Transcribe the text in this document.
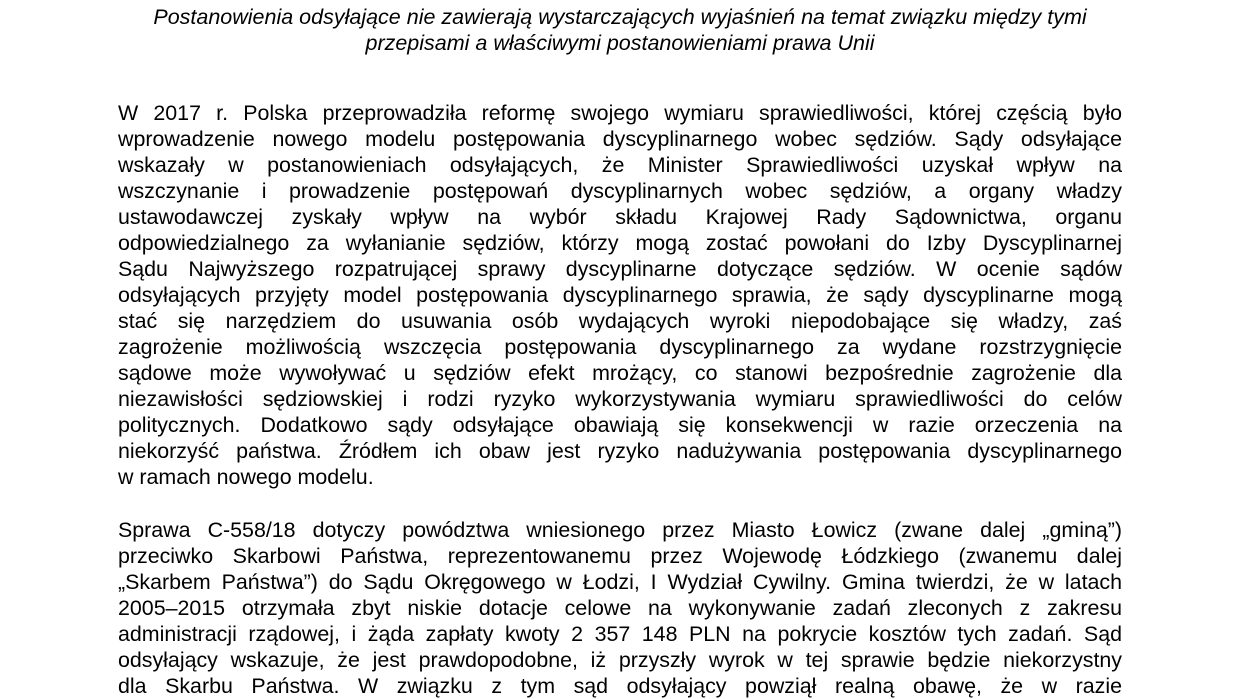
Postanowienia odsyłające nie zawierają wystarczających wyjaśnień na temat związku między tymi
przepisami a właściwymi postanowieniami prawa Unii
W 2017 r. Polska przeprowadziła reformę swojego wymiaru sprawiedliwości, której częścią było
wprowadzenie nowego modelu postępowania dyscyplinarnego wobec sędziów. Sądy odsyłające
wskazały w postanowieniach odsyłających, że Minister Sprawiedliwości uzyskał wpływ na
wszczynanie i prowadzenie postępowań dyscyplinarnych wobec sędziów, a organy władzy
ustawodawczej zyskały wpływ na wybór składu Krajowej Rady Sądownictwa, organu
odpowiedzialnego za wyłanianie sędziów, którzy mogą zostać powołani do Izby Dyscyplinarnej
Sądu Najwyższego rozpatrującej sprawy dyscyplinarne dotyczące sędziów. W ocenie sądów
odsyłających przyjęty model postępowania dyscyplinarnego sprawia, że sądy dyscyplinarne mogą
stać się narzędziem do usuwania osób wydających wyroki niepodobające się władzy, zaś
zagrożenie możliwością wszczęcia postępowania dyscyplinarnego za wydane rozstrzygnięcie
sądowe może wywoływać u sędziów efekt mrożący, co stanowi bezpośrednie zagrożenie dla
niezawisłości sędziowskiej i rodzi ryzyko wykorzystywania wymiaru sprawiedliwości do celów
politycznych. Dodatkowo sądy odsyłające obawiają się konsekwencji w razie orzeczenia na
niekorzyść państwa. Źródłem ich obaw jest ryzyko nadużywania postępowania dyscyplinarnego
w ramach nowego modelu.
Sprawa C-558/18 dotyczy powództwa wniesionego przez Miasto Łowicz (zwane dalej „gminą”)
przeciwko Skarbowi Państwa, reprezentowanemu przez Wojewodę Łódzkiego (zwanemu dalej
„Skarbem Państwa”) do Sądu Okręgowego w Łodzi, I Wydział Cywilny. Gmina twierdzi, że w latach
2005–2015 otrzymała zbyt niskie dotacje celowe na wykonywanie zadań zleconych z zakresu
administracji rządowej, i żąda zapłaty kwoty 2 357 148 PLN na pokrycie kosztów tych zadań. Sąd
odsyłający wskazuje, że jest prawdopodobne, iż przyszły wyrok w tej sprawie będzie niekorzystny
dla Skarbu Państwa. W związku z tym sąd odsyłający powziął realną obawę, że w razie
